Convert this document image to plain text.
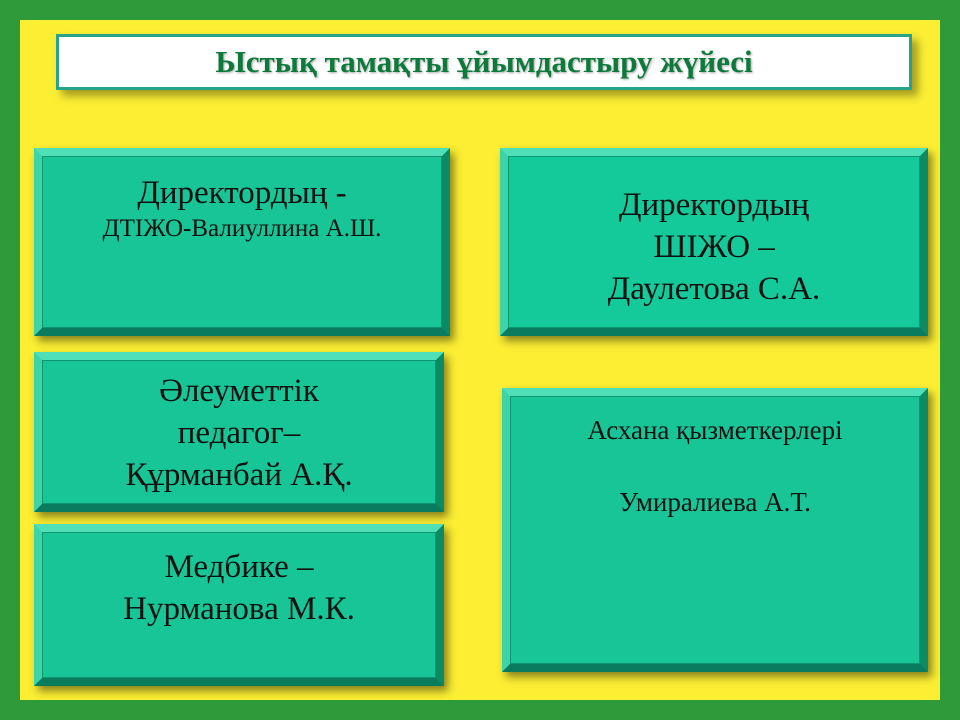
Ыстық тамақты ұйымдастыру жүйесі
Директордың -
ДТІЖО-Валиуллина А.Ш.
Директордың
ШІЖО –
Даулетова С.А.
Әлеуметтік
педагог–
Құрманбай А.Қ.
Медбике –
Нурманова М.К.
Асхана қызметкерлері
Умиралиева А.Т.
